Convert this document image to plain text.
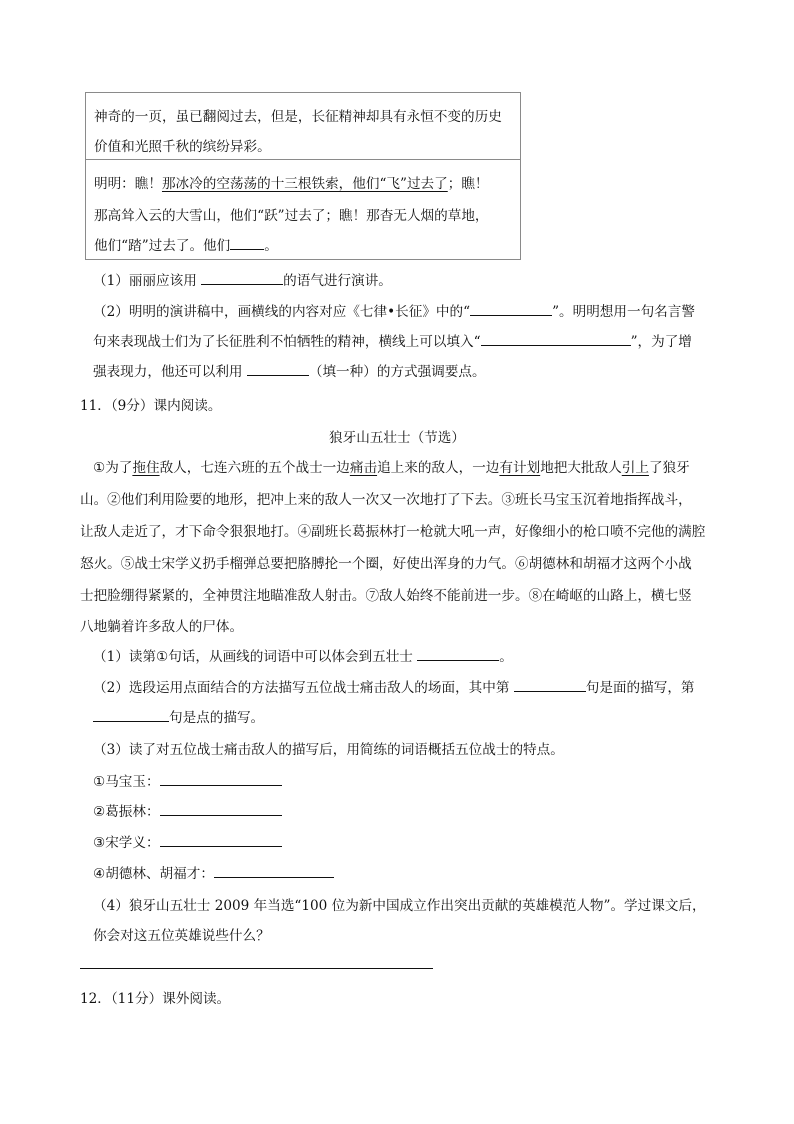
神奇的一页，虽已翻阅过去，但是，长征精神却具有永恒不变的历史

价值和光照千秋的缤纷异彩。

明明：瞧！那冰冷的空荡荡的十三根铁索，他们“飞”过去了；瞧！

那高耸入云的大雪山，他们“跃”过去了；瞧！那杳无人烟的草地，

他们“踏”过去了。他们	。

（1）丽丽应该用	的语气进行演讲。
（2）明明的演讲稿中，画横线的内容对应《七律•长征》中的“	”。明明想用一句名言警
句来表现战士们为了长征胜利不怕牺牲的精神，横线上可以填入“	”，为了增
强表现力，他还可以利用	（填一种）的方式强调要点。
11．（9分）课内阅读。
狼牙山五壮士（节选）
①为了拖住敌人，七连六班的五个战士一边痛击追上来的敌人，一边有计划地把大批敌人引上了狼牙
山。②他们利用险要的地形，把冲上来的敌人一次又一次地打了下去。③班长马宝玉沉着地指挥战斗，
让敌人走近了，才下命令狠狠地打。④副班长葛振林打一枪就大吼一声，好像细小的枪口喷不完他的满腔
怒火。⑤战士宋学义扔手榴弹总要把胳膊抡一个圈，好使出浑身的力气。⑥胡德林和胡福才这两个小战
士把脸绷得紧紧的，全神贯注地瞄准敌人射击。⑦敌人始终不能前进一步。⑧在崎岖的山路上，横七竖
八地躺着许多敌人的尸体。
（1）读第①句话，从画线的词语中可以体会到五壮士	。
（2）选段运用点面结合的方法描写五位战士痛击敌人的场面，其中第	句是面的描写，第
句是点的描写。
（3）读了对五位战士痛击敌人的描写后，用简练的词语概括五位战士的特点。
①马宝玉：
②葛振林：
③宋学义：
④胡德林、胡福才：
（4）狼牙山五壮士 2009 年当选“100 位为新中国成立作出突出贡献的英雄模范人物”。学过课文后，
你会对这五位英雄说些什么？
12．（11分）课外阅读。
